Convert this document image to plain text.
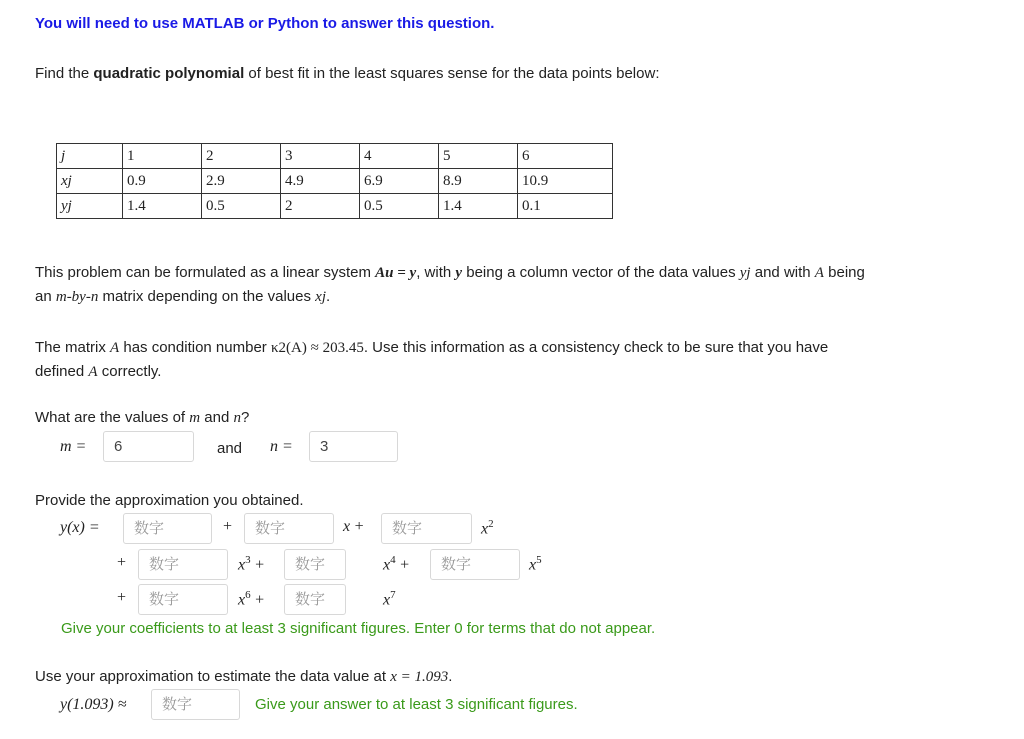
You will need to use MATLAB or Python to answer this question.
Find the quadratic polynomial of best fit in the least squares sense for the data points below:
j	1	2	3	4	5	6
xj	0.9	2.9	4.9	6.9	8.9	10.9
yj	1.4	0.5	2	0.5	1.4	0.1
This problem can be formulated as a linear system Au = y, with y being a column vector of the data values yj and with A being
an m-by-n matrix depending on the values xj.
The matrix A has condition number κ2(A) ≈ 203.45. Use this information as a consistency check to be sure that you have
defined A correctly.
What are the values of m and n?
m =
6	and n =
3
Provide the approximation you obtained.
y(x) =
数字	+
数字	x +
数字	$x^2$
+
数字	$x^3$ +
数字	$x^4$ +
数字	$x^5$
+
数字	$x^6$ +
数字	$x^7$
Give your coefficients to at least 3 significant figures. Enter 0 for terms that do not appear.
Use your approximation to estimate the data value at x = 1.093.
y(1.093) ≈
数字	Give your answer to at least 3 significant figures.
